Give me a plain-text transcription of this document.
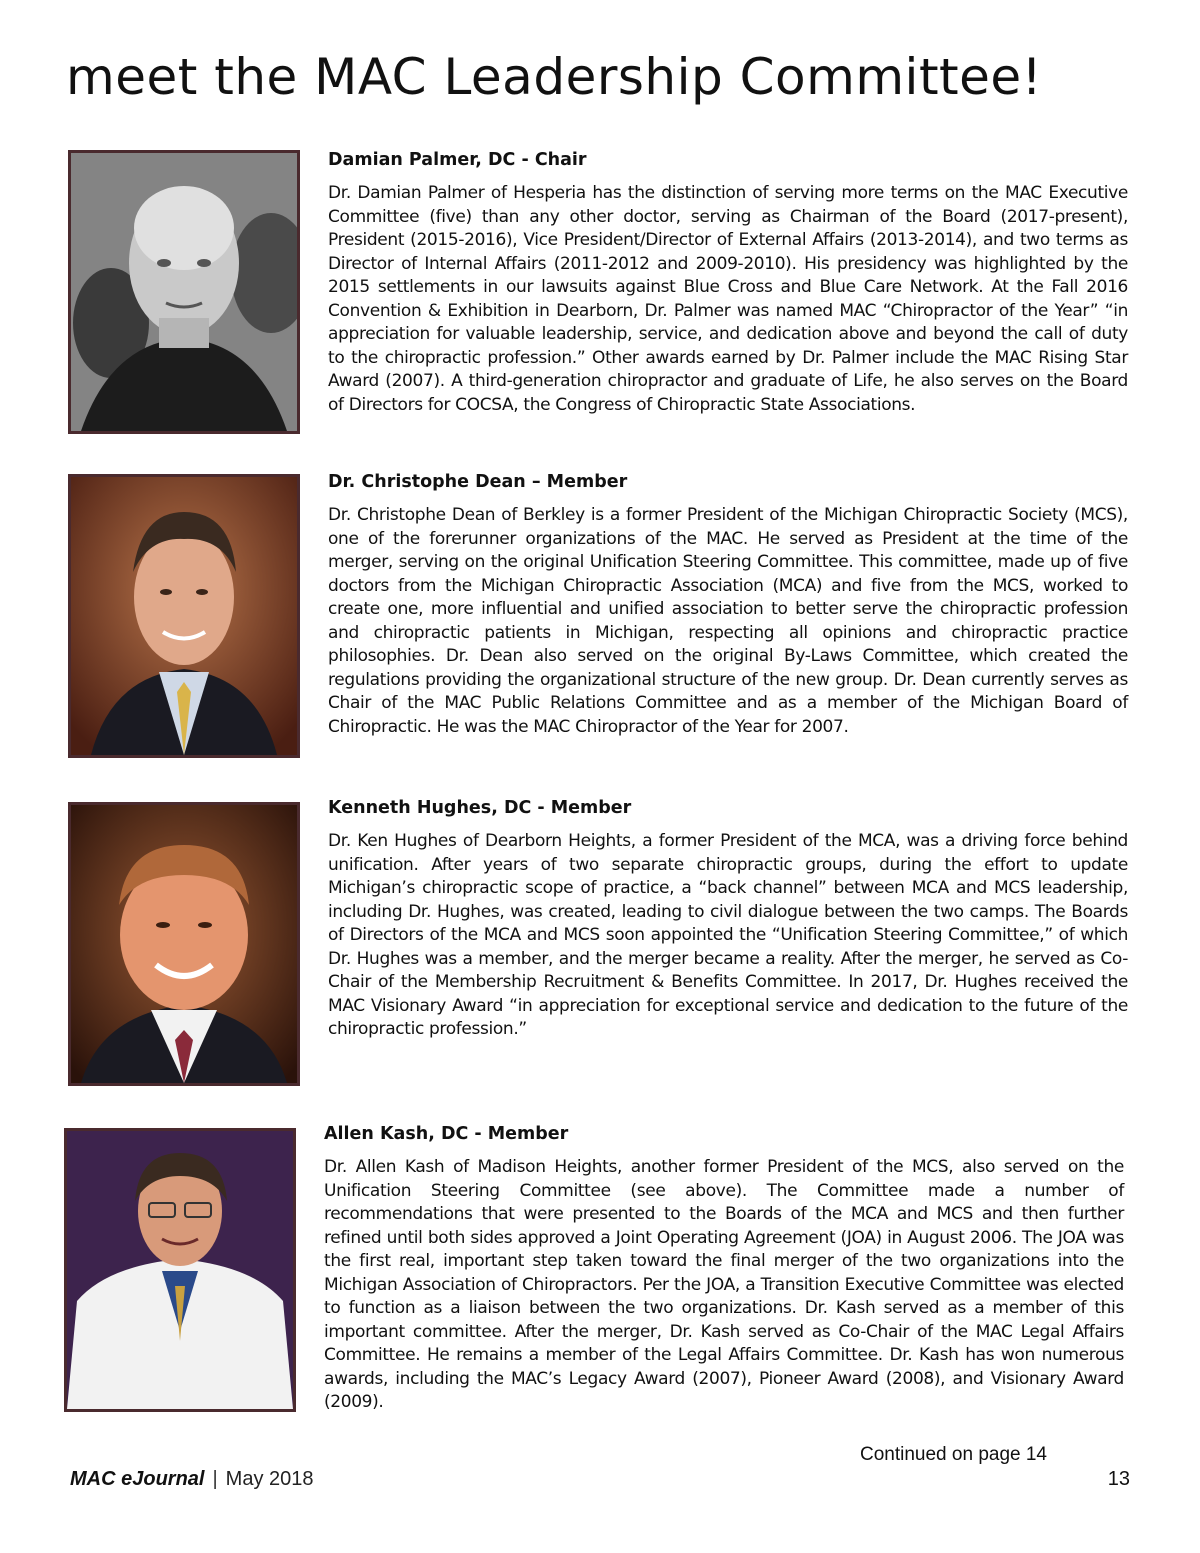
meet the MAC Leadership Committee!
Damian Palmer, DC - Chair

Dr. Damian Palmer of Hesperia has the distinction of serving more terms on the MAC Executive Committee (five) than any other doctor, serving as Chairman of the Board (2017-present), President (2015-2016), Vice President/Director of External Affairs (2013-2014), and two terms as Director of Internal Affairs (2011-2012 and 2009-2010). His presidency was highlighted by the 2015 settlements in our lawsuits against Blue Cross and Blue Care Network. At the Fall 2016 Convention & Exhibition in Dearborn, Dr. Palmer was named MAC “Chiropractor of the Year” “in appreciation for valuable leadership, service, and dedication above and beyond the call of duty to the chiropractic profession.” Other awards earned by Dr. Palmer include the MAC Rising Star Award (2007). A third-generation chiropractor and graduate of Life, he also serves on the Board of Directors for COCSA, the Congress of Chiropractic State Associations.

Dr. Christophe Dean – Member

Dr. Christophe Dean of Berkley is a former President of the Michigan Chiropractic Society (MCS), one of the forerunner organizations of the MAC. He served as President at the time of the merger, serving on the original Unification Steering Committee. This committee, made up of five doctors from the Michigan Chiropractic Association (MCA) and five from the MCS, worked to create one, more influential and unified association to better serve the chiropractic profession and chiropractic patients in Michigan, respecting all opinions and chiropractic practice philosophies. Dr. Dean also served on the original By-Laws Committee, which created the regulations providing the organizational structure of the new group. Dr. Dean currently serves as Chair of the MAC Public Relations Committee and as a member of the Michigan Board of Chiropractic. He was the MAC Chiropractor of the Year for 2007.

Kenneth Hughes, DC - Member

Dr. Ken Hughes of Dearborn Heights, a former President of the MCA, was a driving force behind unification. After years of two separate chiropractic groups, during the effort to update Michigan’s chiropractic scope of practice, a “back channel” between MCA and MCS leadership, including Dr. Hughes, was created, leading to civil dialogue between the two camps. The Boards of Directors of the MCA and MCS soon appointed the “Unification Steering Committee,” of which Dr. Hughes was a member, and the merger became a reality. After the merger, he served as Co-Chair of the Membership Recruitment & Benefits Committee. In 2017, Dr. Hughes received the MAC Visionary Award “in appreciation for exceptional service and dedication to the future of the chiropractic profession.”

Allen Kash, DC - Member

Dr. Allen Kash of Madison Heights, another former President of the MCS, also served on the Unification Steering Committee (see above). The Committee made a number of recommendations that were presented to the Boards of the MCA and MCS and then further refined until both sides approved a Joint Operating Agreement (JOA) in August 2006. The JOA was the first real, important step taken toward the final merger of the two organizations into the Michigan Association of Chiropractors. Per the JOA, a Transition Executive Committee was elected to function as a liaison between the two organizations. Dr. Kash served as a member of this important committee. After the merger, Dr. Kash served as Co-Chair of the MAC Legal Affairs Committee. He remains a member of the Legal Affairs Committee. Dr. Kash has won numerous awards, including the MAC’s Legacy Award (2007), Pioneer Award (2008), and Visionary Award (2009).

Continued on page 14
MAC eJournal | May 2018	13
